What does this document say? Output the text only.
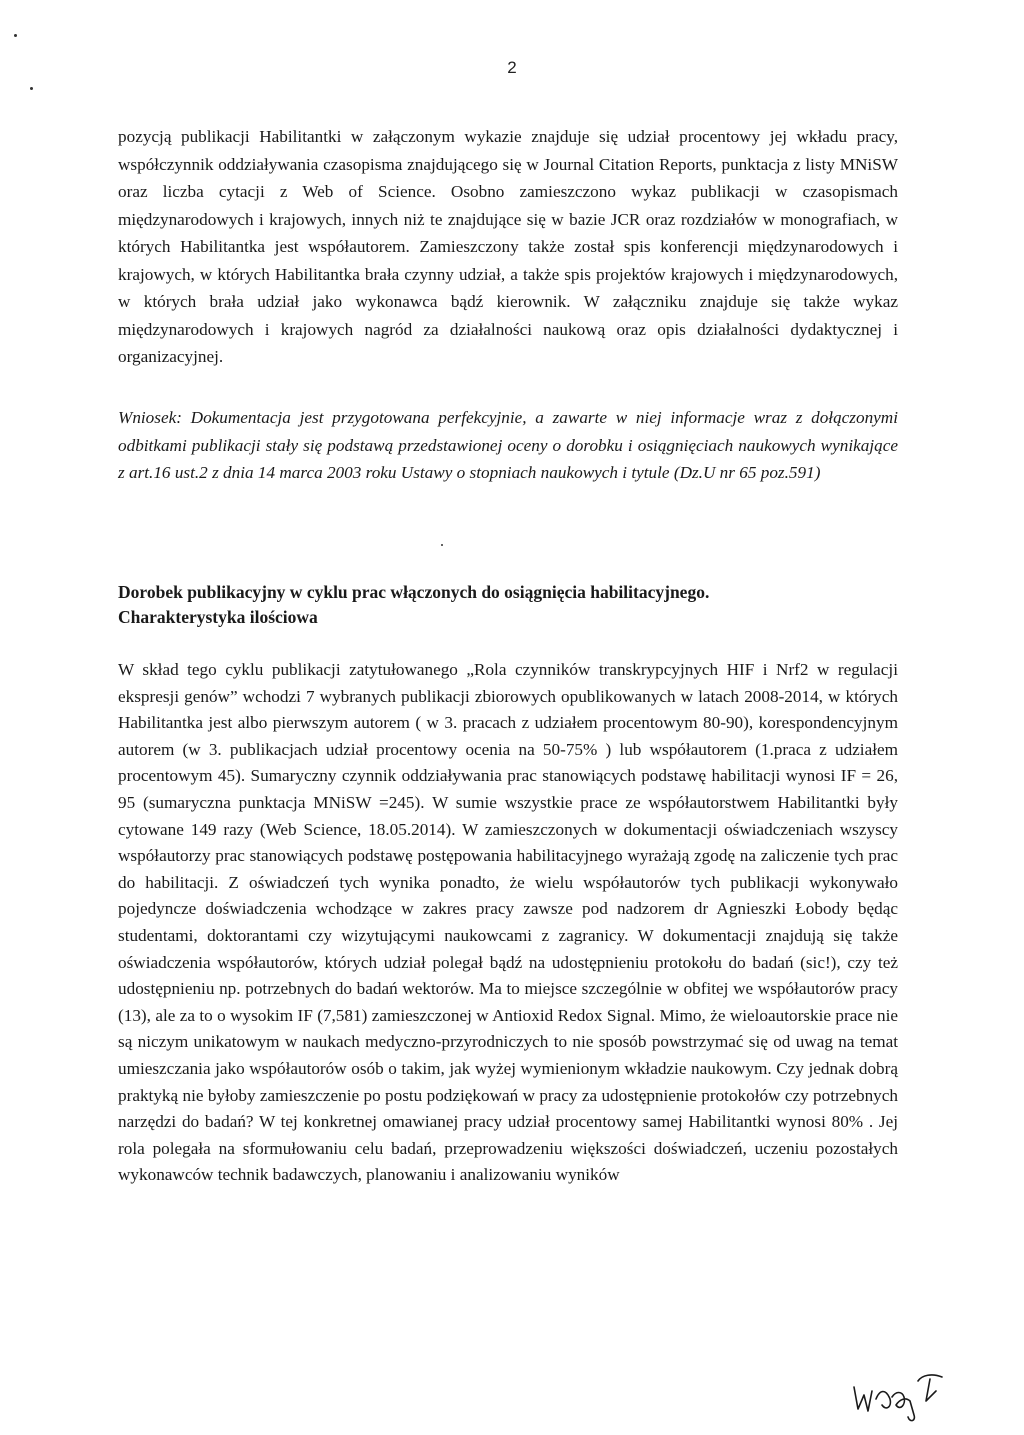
2

pozycją publikacji Habilitantki w załączonym wykazie znajduje się udział procentowy jej wkładu pracy, współczynnik oddziaływania czasopisma znajdującego się w Journal Citation Reports, punktacja z listy MNiSW oraz liczba cytacji z Web of Science. Osobno zamieszczono wykaz publikacji w czasopismach międzynarodowych i krajowych, innych niż te znajdujące się w bazie JCR oraz rozdziałów w monografiach, w których Habilitantka jest współautorem. Zamieszczony także został spis konferencji międzynarodowych i krajowych, w których Habilitantka brała czynny udział, a także spis projektów krajowych i międzynarodowych, w których brała udział jako wykonawca bądź kierownik. W załączniku znajduje się także wykaz międzynarodowych i krajowych nagród za działalności naukową oraz opis działalności dydaktycznej i organizacyjnej.

Wniosek: Dokumentacja jest przygotowana perfekcyjnie, a zawarte w niej informacje wraz z dołączonymi odbitkami publikacji stały się podstawą przedstawionej oceny o dorobku i osiągnięciach naukowych wynikające z art.16 ust.2 z dnia 14 marca 2003 roku Ustawy o stopniach naukowych i tytule (Dz.U nr 65 poz.591)

Dorobek publikacyjny w cyklu prac włączonych do osiągnięcia habilitacyjnego.
Charakterystyka ilościowa

W skład tego cyklu publikacji zatytułowanego „Rola czynników transkrypcyjnych HIF i Nrf2 w regulacji ekspresji genów” wchodzi 7 wybranych publikacji zbiorowych opublikowanych w latach 2008-2014, w których Habilitantka jest albo pierwszym autorem ( w 3. pracach z udziałem procentowym 80-90), korespondencyjnym autorem (w 3. publikacjach udział procentowy ocenia na 50-75% ) lub współautorem (1.praca z udziałem procentowym 45). Sumaryczny czynnik oddziaływania prac stanowiących podstawę habilitacji wynosi IF = 26, 95 (sumaryczna punktacja MNiSW =245). W sumie wszystkie prace ze współautorstwem Habilitantki były cytowane 149 razy (Web Science, 18.05.2014). W zamieszczonych w dokumentacji oświadczeniach wszyscy współautorzy prac stanowiących podstawę postępowania habilitacyjnego wyrażają zgodę na zaliczenie tych prac do habilitacji. Z oświadczeń tych wynika ponadto, że wielu współautorów tych publikacji wykonywało pojedyncze doświadczenia wchodzące w zakres pracy zawsze pod nadzorem dr Agnieszki Łobody będąc studentami, doktorantami czy wizytującymi naukowcami z zagranicy. W dokumentacji znajdują się także oświadczenia współautorów, których udział polegał bądź na udostępnieniu protokołu do badań (sic!), czy też udostępnieniu np. potrzebnych do badań wektorów. Ma to miejsce szczególnie w obfitej we współautorów pracy (13), ale za to o wysokim IF (7,581) zamieszczonej w Antioxid Redox Signal. Mimo, że wieloautorskie prace nie są niczym unikatowym w naukach medyczno-przyrodniczych to nie sposób powstrzymać się od uwag na temat umieszczania jako współautorów osób o takim, jak wyżej wymienionym wkładzie naukowym. Czy jednak dobrą praktyką nie byłoby zamieszczenie po postu podziękowań w pracy za udostępnienie protokołów czy potrzebnych narzędzi do badań? W tej konkretnej omawianej pracy udział procentowy samej Habilitantki wynosi 80% . Jej rola polegała na sformułowaniu celu badań, przeprowadzeniu większości doświadczeń, uczeniu pozostałych wykonawców technik badawczych, planowaniu i analizowaniu wyników
